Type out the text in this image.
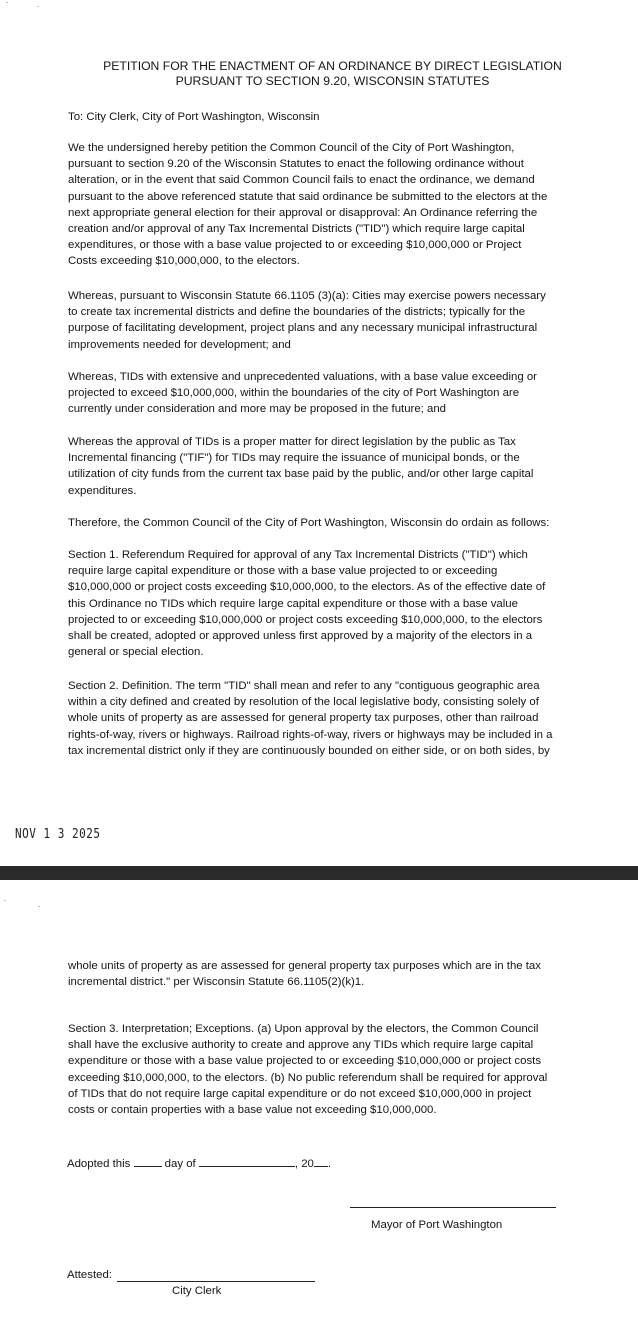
PETITION FOR THE ENACTMENT OF AN ORDINANCE BY DIRECT LEGISLATION
PURSUANT TO SECTION 9.20, WISCONSIN STATUTES
To: City Clerk, City of Port Washington, Wisconsin
We the undersigned hereby petition the Common Council of the City of Port Washington,
pursuant to section 9.20 of the Wisconsin Statutes to enact the following ordinance without
alteration, or in the event that said Common Council fails to enact the ordinance, we demand
pursuant to the above referenced statute that said ordinance be submitted to the electors at the
next appropriate general election for their approval or disapproval: An Ordinance referring the
creation and/or approval of any Tax Incremental Districts ("TID") which require large capital
expenditures, or those with a base value projected to or exceeding $10,000,000 or Project
Costs exceeding $10,000,000, to the electors.
Whereas, pursuant to Wisconsin Statute 66.1105 (3)(a): Cities may exercise powers necessary
to create tax incremental districts and define the boundaries of the districts; typically for the
purpose of facilitating development, project plans and any necessary municipal infrastructural
improvements needed for development; and
Whereas, TIDs with extensive and unprecedented valuations, with a base value exceeding or
projected to exceed $10,000,000, within the boundaries of the city of Port Washington are
currently under consideration and more may be proposed in the future; and
Whereas the approval of TIDs is a proper matter for direct legislation by the public as Tax
Incremental financing ("TIF") for TIDs may require the issuance of municipal bonds, or the
utilization of city funds from the current tax base paid by the public, and/or other large capital
expenditures.
Therefore, the Common Council of the City of Port Washington, Wisconsin do ordain as follows:
Section 1. Referendum Required for approval of any Tax Incremental Districts ("TID") which
require large capital expenditure or those with a base value projected to or exceeding
$10,000,000 or project costs exceeding $10,000,000, to the electors. As of the effective date of
this Ordinance no TIDs which require large capital expenditure or those with a base value
projected to or exceeding $10,000,000 or project costs exceeding $10,000,000, to the electors
shall be created, adopted or approved unless first approved by a majority of the electors in a
general or special election.
Section 2. Definition. The term "TID" shall mean and refer to any "contiguous geographic area
within a city defined and created by resolution of the local legislative body, consisting solely of
whole units of property as are assessed for general property tax purposes, other than railroad
rights-of-way, rivers or highways. Railroad rights-of-way, rivers or highways may be included in a
tax incremental district only if they are continuously bounded on either side, or on both sides, by
NOV 1 3 2025
whole units of property as are assessed for general property tax purposes which are in the tax
incremental district." per Wisconsin Statute 66.1105(2)(k)1.
Section 3. Interpretation; Exceptions. (a) Upon approval by the electors, the Common Council
shall have the exclusive authority to create and approve any TIDs which require large capital
expenditure or those with a base value projected to or exceeding $10,000,000 or project costs
exceeding $10,000,000, to the electors. (b) No public referendum shall be required for approval
of TIDs that do not require large capital expenditure or do not exceed $10,000,000 in project
costs or contain properties with a base value not exceeding $10,000,000.
Adopted this	day of	, 20 .
Mayor of Port Washington
Attested:
City Clerk
